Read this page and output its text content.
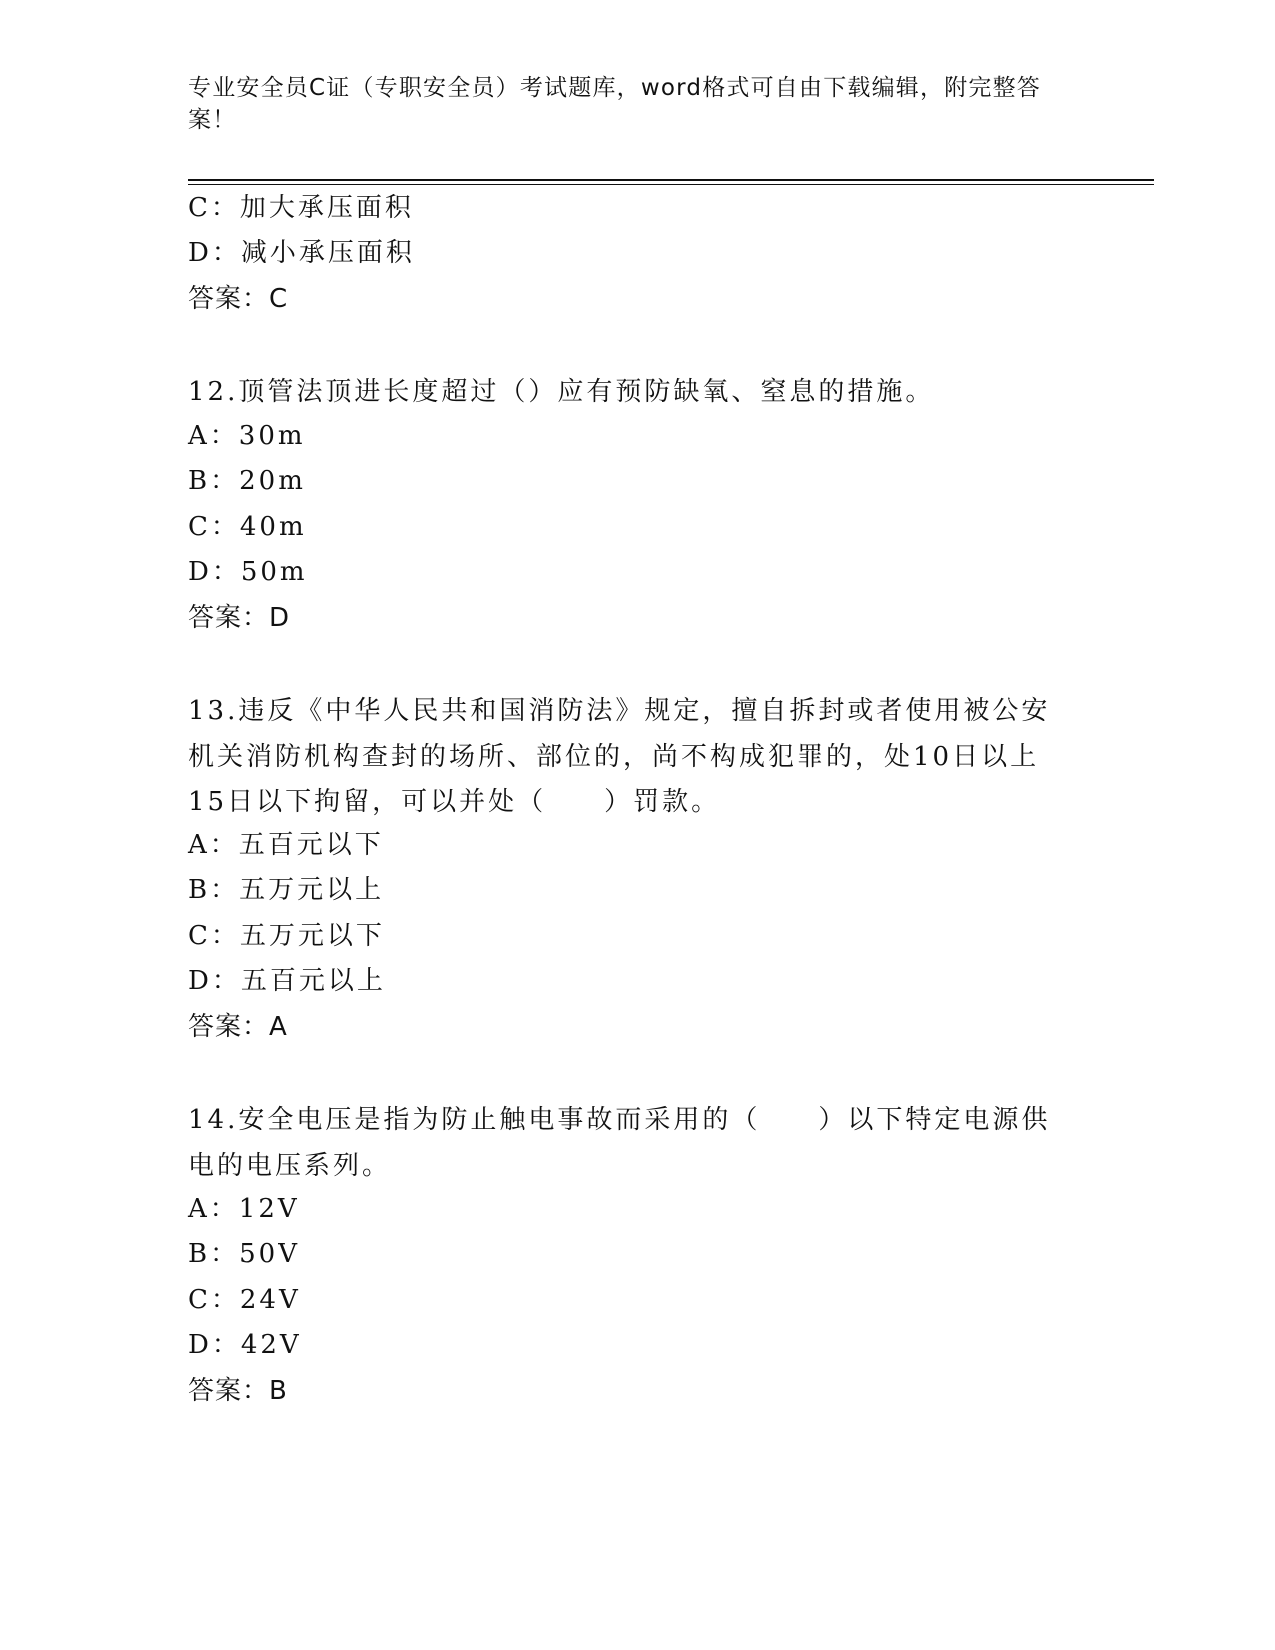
专业安全员C证（专职安全员）考试题库，word格式可自由下载编辑，附完整答案！
C：加大承压面积
D：减小承压面积
答案：C
12.顶管法顶进长度超过（）应有预防缺氧、窒息的措施。
A：30m
B：20m
C：40m
D：50m
答案：D
13.违反《中华人民共和国消防法》规定，擅自拆封或者使用被公安机关消防机构查封的场所、部位的，尚不构成犯罪的，处10日以上15日以下拘留，可以并处（　　）罚款。
A：五百元以下
B：五万元以上
C：五万元以下
D：五百元以上
答案：A
14.安全电压是指为防止触电事故而采用的（　　）以下特定电源供电的电压系列。
A：12V
B：50V
C：24V
D：42V
答案：B
